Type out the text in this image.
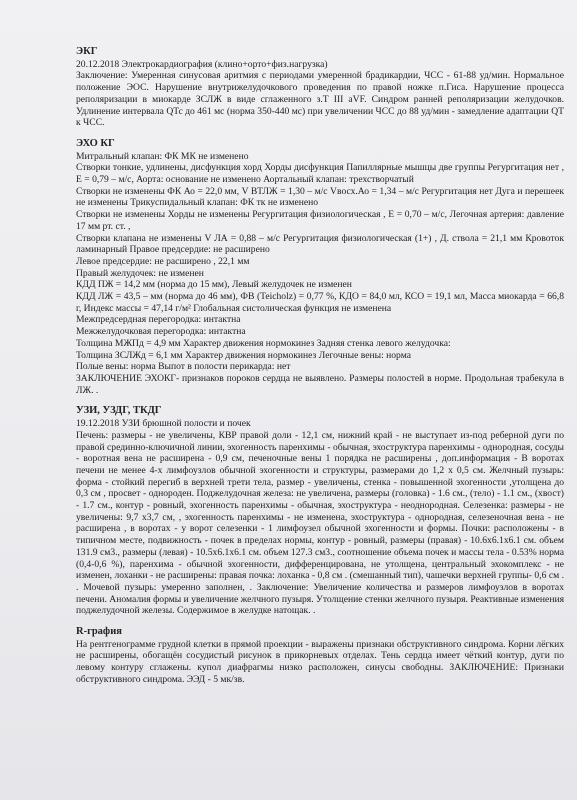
ЭКГ
20.12.2018 Электрокардиография (клино+орто+физ.нагрузка)
Заключение: Умеренная синусовая аритмия с периодами умеренной брадикардии, ЧСС - 61-88 уд/мин. Нормальное положение ЭОС. Нарушение внутрижелудочкового проведения по правой ножке п.Гиса. Нарушение процесса реполяризации в миокарде ЗСЛЖ в виде сглаженного з.Т III aVF. Синдром ранней реполяризации желудочков. Удлинение интервала QTc до 461 мс (норма 350-440 мс) при увеличении ЧСС до 88 уд/мин - замедление адаптации QT к ЧСС.
ЭХО КГ
Митральный клапан: ФК МК не изменено
Створки тонкие, удлинены, дисфункция хорд Хорды дисфункция Папиллярные мышцы две группы Регургитация нет , Е = 0,79 – м/с, Аорта: основание не изменено Аортальный клапан: трехстворчатый
Створки не изменены ФК Ао = 22,0 мм, V ВТЛЖ = 1,30 – м/с Vвосх.Ао = 1,34 – м/с Регургитация нет Дуга и перешеек не изменены Трикуспидальный клапан: ФК тк не изменено
Створки не изменены Хорды не изменены Регургитация физиологическая , Е = 0,70 – м/с, Легочная артерия: давление 17 мм рт. ст. ,
Створки клапана не изменены V ЛА = 0,88 – м/с Регургитация физиологическая (1+) , Д. ствола = 21,1 мм Кровоток ламинарный Правое предсердие: не расширено
Левое предсердие: не расширено , 22,1 мм
Правый желудочек: не изменен
КДД ПЖ = 14,2 мм (норма до 15 мм), Левый желудочек не изменен
КДД ЛЖ = 43,5 – мм (норма до 46 мм), ФВ (Teicholz) = 0,77 %, КДО = 84,0 мл, КСО = 19,1 мл, Масса миокарда = 66,8 г, Индекс массы = 47,14 г/м² Глобальная систолическая функция не изменена
Межпредсердная перегородка: интактна
Межжелудочковая перегородка: интактна
Толщина МЖПд = 4,9 мм Характер движения нормокинез Задняя стенка левого желудочка:
Толщина ЗСЛЖд = 6,1 мм Характер движения нормокинез Легочные вены: норма
Полые вены: норма Выпот в полости перикарда: нет
ЗАКЛЮЧЕНИЕ ЭХОКГ- признаков пороков сердца не выявлено. Размеры полостей в норме. Продольная трабекула в ЛЖ. .
УЗИ, УЗДГ, ТКДГ
19.12.2018 УЗИ брюшной полости и почек
Печень: размеры - не увеличены, КВР правой доли - 12,1 см, нижний край - не выступает из-под реберной дуги по правой срединно-ключичной линии, эхогенность паренхимы - обычная, эхоструктура паренхимы - однородная, сосуды - воротная вена не расширена - 0,9 см, печеночные вены 1 порядка не расширены , доп.информация - В воротах печени не менее 4-х лимфоузлов обычной эхогенности и структуры, размерами до 1,2 х 0,5 см. Желчный пузырь: форма - стойкий перегиб в верхней трети тела, размер - увеличены, стенка - повышенной эхогенности ,утолщена до 0,3 см , просвет - однороден. Поджелудочная железа: не увеличена, размеры (головка) - 1.6 см., (тело) - 1.1 см., (хвост) - 1.7 см., контур - ровный, эхогенность паренхимы - обычная, эхоструктура - неоднородная. Селезенка: размеры - не увеличены: 9,7 х3,7 см, , эхогенность паренхимы - не изменена, эхоструктура - однородная, селезеночная вена - не расширена , в воротах - у ворот селезенки - 1 лимфоузел обычной эхогенности и формы. Почки: расположены - в типичном месте, подвижность - почек в пределах нормы, контур - ровный, размеры (правая) - 10.6х6.1х6.1 см. объем 131.9 см3., размеры (левая) - 10.5х6.1х6.1 см. объем 127.3 см3., соотношение объема почек и массы тела - 0.53% норма (0,4-0,6 %), паренхима - обычной эхогенности, дифференцирована, не утолщена, центральный эхокомплекс - не изменен, лоханки - не расширены: правая почка: лоханка - 0,8 см . (смешанный тип), чашечки верхней группы- 0,6 см . . Мочевой пузырь: умеренно заполнен, . Заключение: Увеличение количества и размеров лимфоузлов в воротах печени. Аномалия формы и увеличение желчного пузыря. Утолщение стенки желчного пузыря. Реактивные изменения поджелудочной железы. Содержимое в желудке натощак. .
R-графия
На рентгенограмме грудной клетки в прямой проекции - выражены признаки обструктивного синдрома. Корни лёгких не расширены, обогащён сосудистый рисунок в прикорневых отделах. Тень сердца имеет чёткий контур, дуги по левому контуру сглажены. купол диафрагмы низко расположен, синусы свободны. ЗАКЛЮЧЕНИЕ: Признаки обструктивного синдрома. ЭЭД - 5 мк/зв.
